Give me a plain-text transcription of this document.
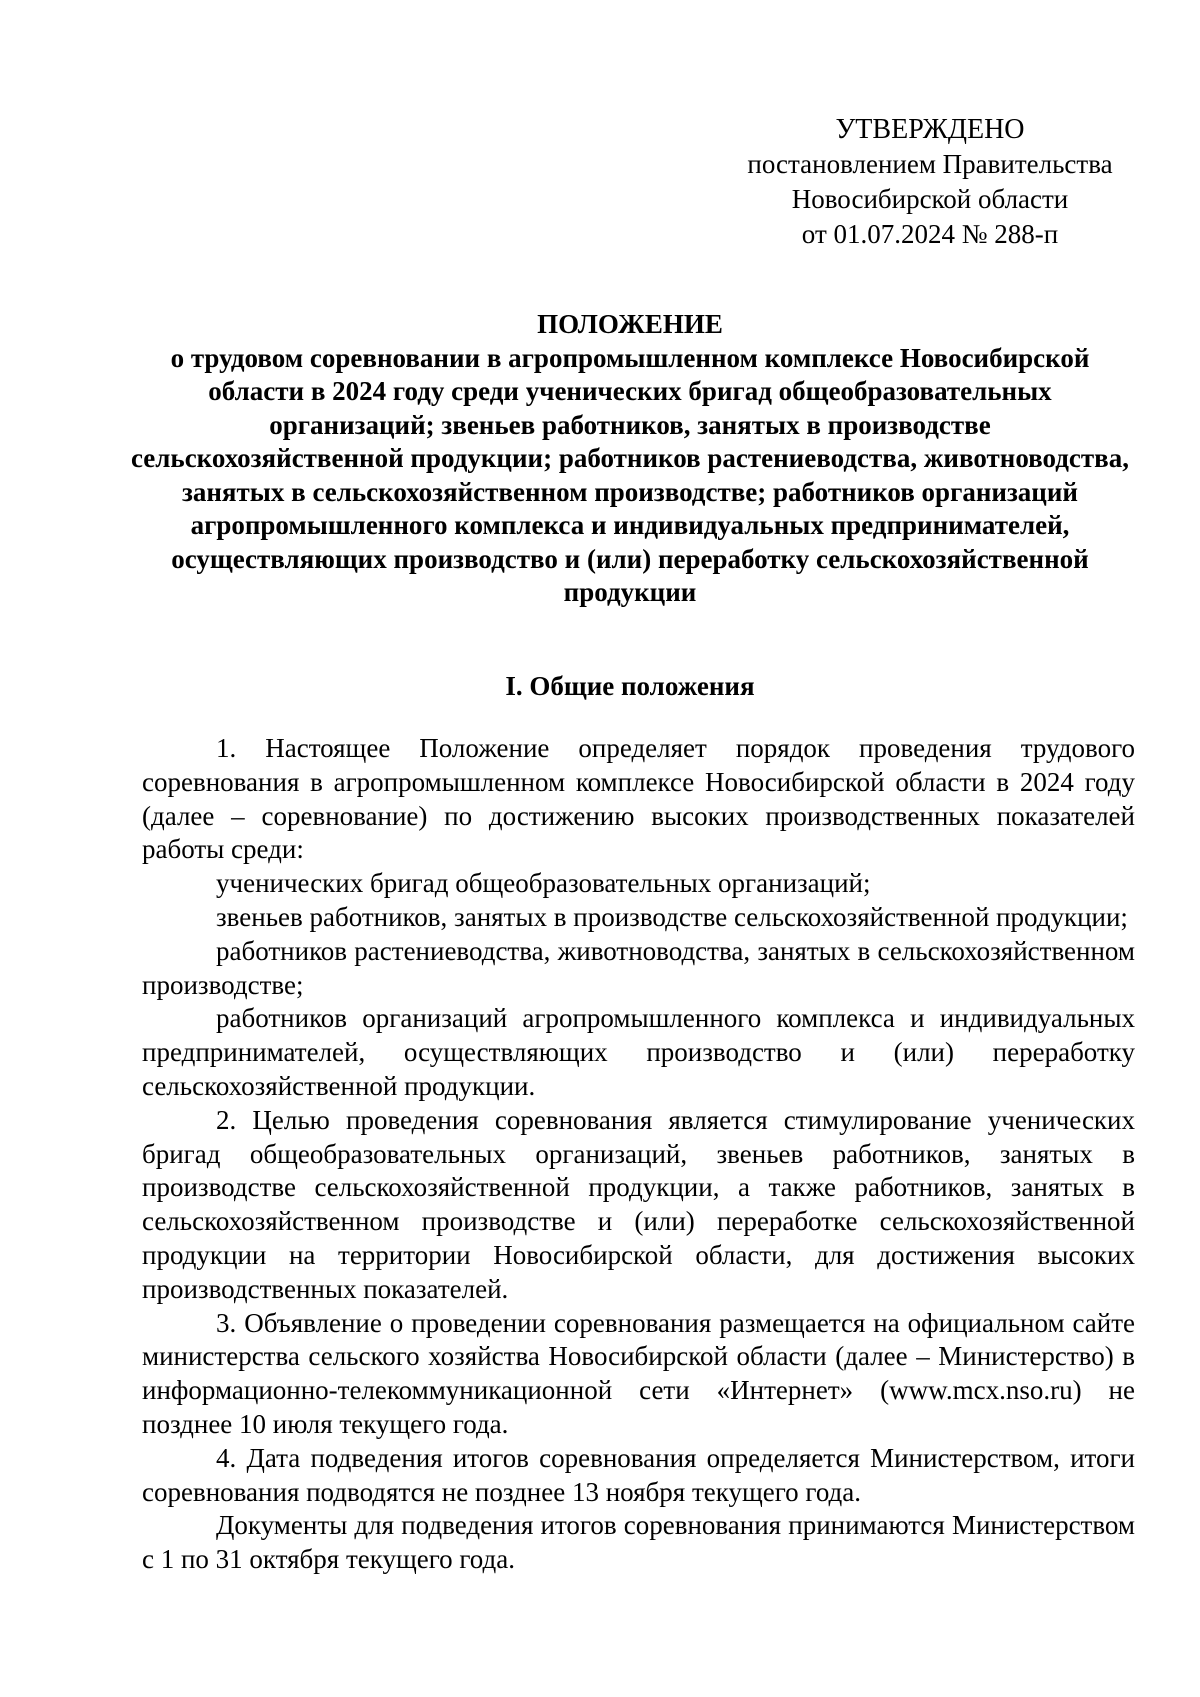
УТВЕРЖДЕНО
постановлением Правительства
Новосибирской области
от 01.07.2024 № 288-п
ПОЛОЖЕНИЕ
о трудовом соревновании в агропромышленном комплексе Новосибирской области в 2024 году среди ученических бригад общеобразовательных организаций; звеньев работников, занятых в производстве сельскохозяйственной продукции; работников растениеводства, животноводства, занятых в сельскохозяйственном производстве; работников организаций агропромышленного комплекса и индивидуальных предпринимателей, осуществляющих производство и (или) переработку сельскохозяйственной продукции
I. Общие положения

1. Настоящее Положение определяет порядок проведения трудового соревнования в агропромышленном комплексе Новосибирской области в 2024 году (далее – соревнование) по достижению высоких производственных показателей работы среди:

ученических бригад общеобразовательных организаций;

звеньев работников, занятых в производстве сельскохозяйственной продукции;

работников растениеводства, животноводства, занятых в сельскохозяйственном производстве;

работников организаций агропромышленного комплекса и индивидуальных предпринимателей, осуществляющих производство и (или) переработку сельскохозяйственной продукции.

2. Целью проведения соревнования является стимулирование ученических бригад общеобразовательных организаций, звеньев работников, занятых в производстве сельскохозяйственной продукции, а также работников, занятых в сельскохозяйственном производстве и (или) переработке сельскохозяйственной продукции на территории Новосибирской области, для достижения высоких производственных показателей.

3. Объявление о проведении соревнования размещается на официальном сайте министерства сельского хозяйства Новосибирской области (далее – Министерство) в информационно-телекоммуникационной сети «Интернет» (www.mcx.nso.ru) не позднее 10 июля текущего года.

4. Дата подведения итогов соревнования определяется Министерством, итоги соревнования подводятся не позднее 13 ноября текущего года.

Документы для подведения итогов соревнования принимаются Министерством с 1 по 31 октября текущего года.
